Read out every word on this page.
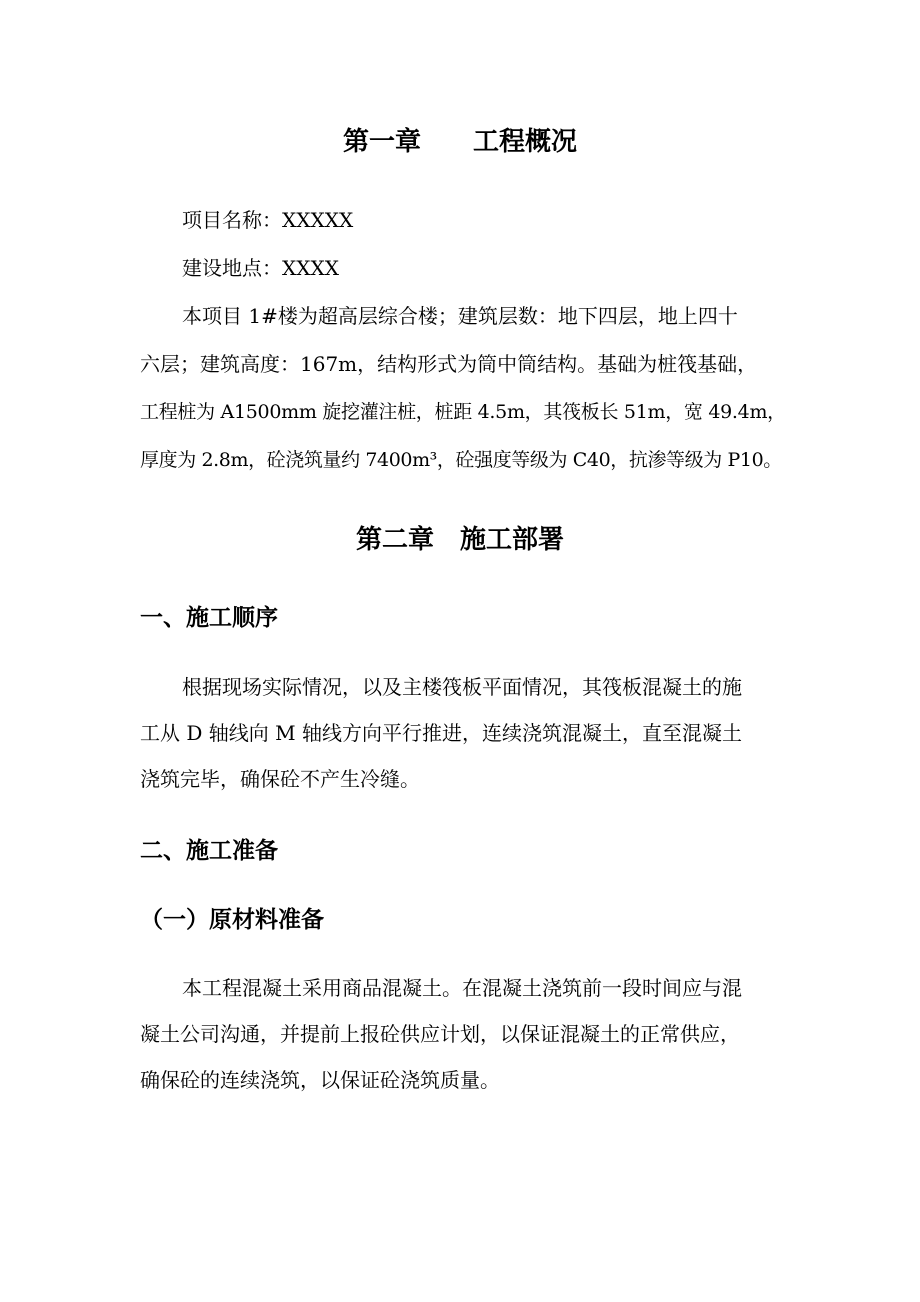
第一章　　工程概况
项目名称：XXXXX
建设地点：XXXX
本项目 1#楼为超高层综合楼；建筑层数：地下四层，地上四十
六层；建筑高度：167m，结构形式为筒中筒结构。基础为桩筏基础，
工程桩为 A1500mm 旋挖灌注桩，桩距 4.5m，其筏板长 51m，宽 49.4m，
厚度为 2.8m，砼浇筑量约 7400m³，砼强度等级为 C40，抗渗等级为 P10。
第二章　施工部署
一、施工顺序
根据现场实际情况，以及主楼筏板平面情况，其筏板混凝土的施
工从 D 轴线向 M 轴线方向平行推进，连续浇筑混凝土，直至混凝土
浇筑完毕，确保砼不产生冷缝。
二、施工准备
（一）原材料准备
本工程混凝土采用商品混凝土。在混凝土浇筑前一段时间应与混
凝土公司沟通，并提前上报砼供应计划，以保证混凝土的正常供应，
确保砼的连续浇筑，以保证砼浇筑质量。
